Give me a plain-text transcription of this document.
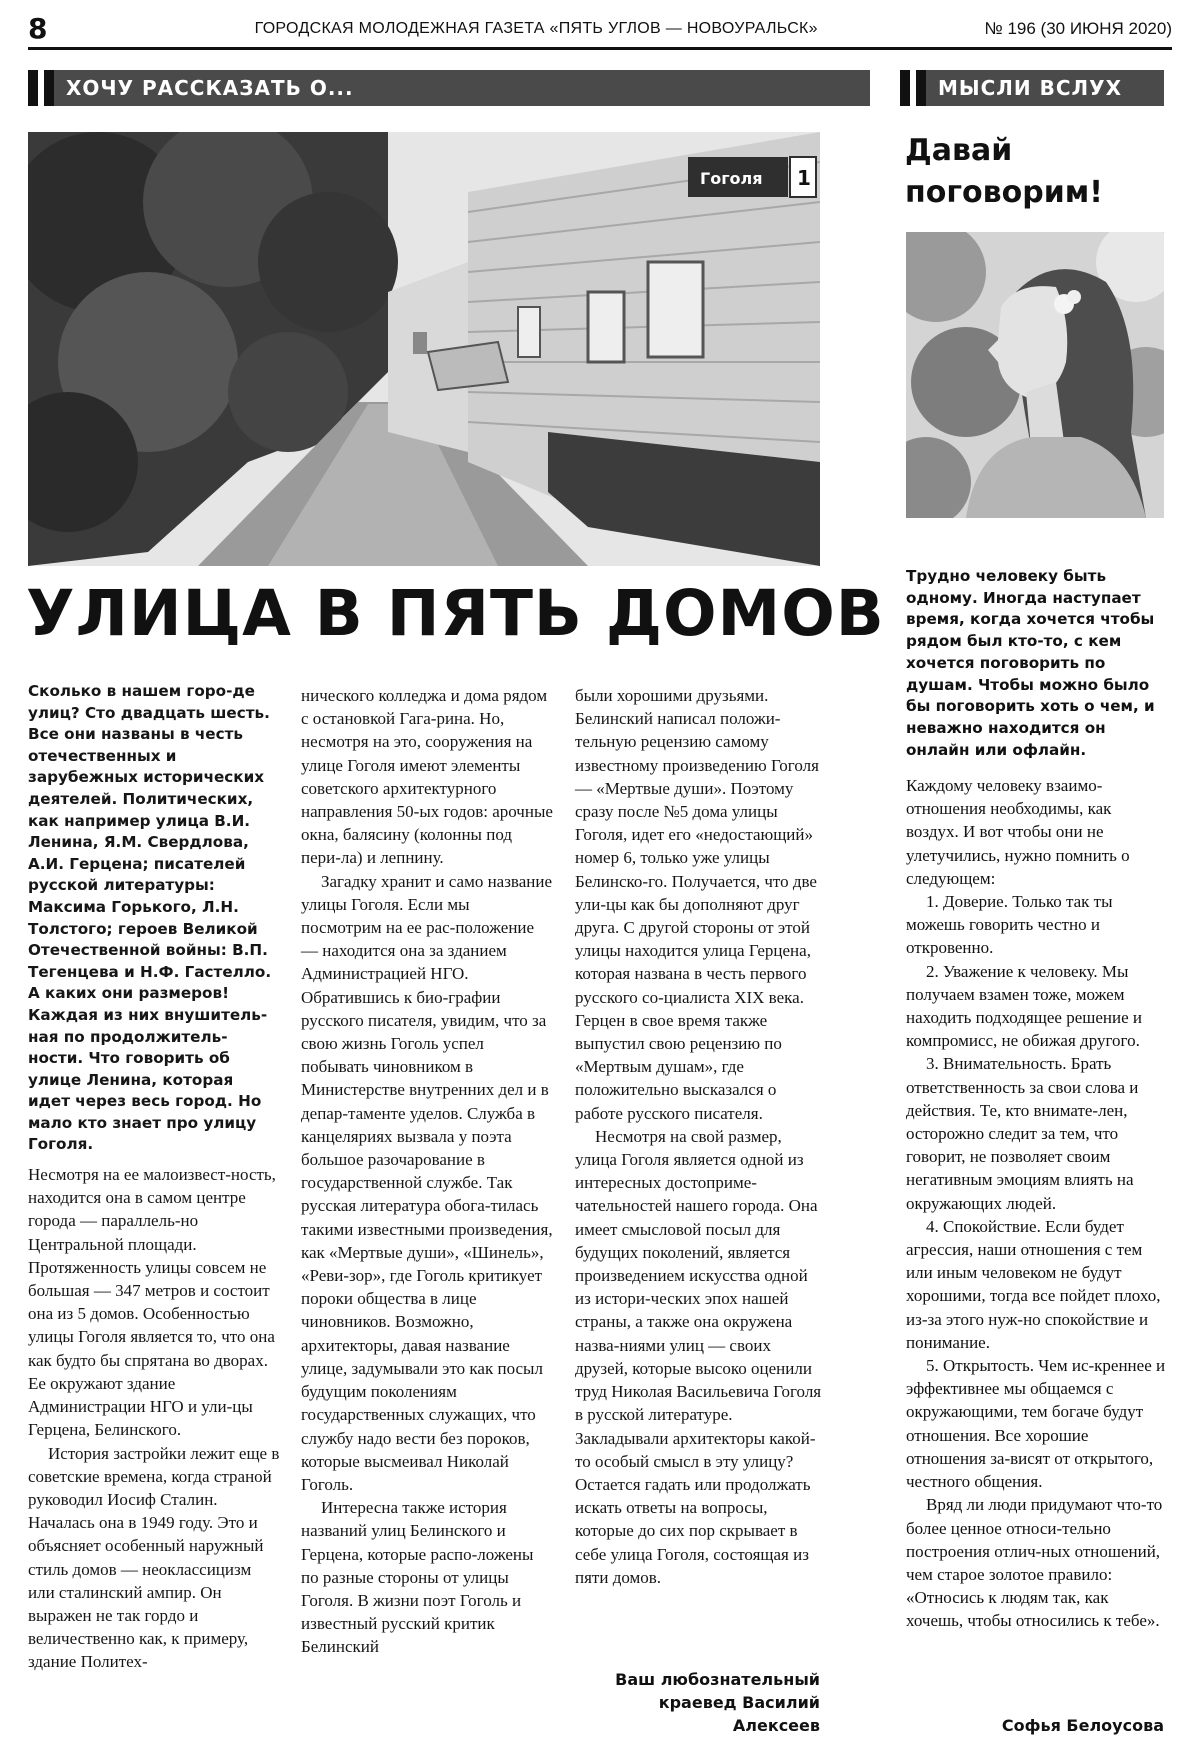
8	ГОРОДСКАЯ МОЛОДЕЖНАЯ ГАЗЕТА «ПЯТЬ УГЛОВ — НОВОУРАЛЬСК»	№ 196 (30 ИЮНЯ 2020)
ХОЧУ РАССКАЗАТЬ О...	МЫСЛИ ВСЛУХ
Гоголя 1
УЛИЦА В ПЯТЬ ДОМОВ

Сколько в нашем горо-де улиц? Сто двадцать шесть. Все они названы в честь отечественных и зарубежных исторических деятелей. Политических, как например улица В.И. Ленина, Я.М. Свердлова, А.И. Герцена; писателей русской литературы: Максима Горького, Л.Н. Толстого; героев Великой Отечественной войны: В.П. Тегенцева и Н.Ф. Гастелло. А каких они размеров! Каждая из них внушитель-ная по продолжитель-ности. Что говорить об улице Ленина, которая идет через весь город. Но мало кто знает про улицу Гоголя.

Несмотря на ее малоизвест-ность, находится она в самом центре города — параллель-но Центральной площади. Протяженность улицы совсем не большая — 347 метров и состоит она из 5 домов. Особенностью улицы Гоголя является то, что она как будто бы спрятана во дворах. Ее окружают здание Администрации НГО и ули-цы Герцена, Белинского.

История застройки лежит еще в советские времена, когда страной руководил Иосиф Сталин. Началась она в 1949 году. Это и объясняет особенный наружный стиль домов — неоклассицизм или сталинский ампир. Он выражен не так гордо и величественно как, к примеру, здание Политех-

нического колледжа и дома рядом с остановкой Гага-рина. Но, несмотря на это, сооружения на улице Гоголя имеют элементы советского архитектурного направления 50-ых годов: арочные окна, балясину (колонны под пери-ла) и лепнину.

Загадку хранит и само название улицы Гоголя. Если мы посмотрим на ее рас-положение — находится она за зданием Администрацией НГО. Обратившись к био-графии русского писателя, увидим, что за свою жизнь Гоголь успел побывать чиновником в Министерстве внутренних дел и в депар-таменте уделов. Служба в канцеляриях вызвала у поэта большое разочарование в государственной службе. Так русская литература обога-тилась такими известными произведения, как «Мертвые души», «Шинель», «Реви-зор», где Гоголь критикует пороки общества в лице чиновников. Возможно, архитекторы, давая название улице, задумывали это как посыл будущим поколениям государственных служащих, что службу надо вести без пороков, которые высмеивал Николай Гоголь.

Интересна также история названий улиц Белинского и Герцена, которые распо-ложены по разные стороны от улицы Гоголя. В жизни поэт Гоголь и известный русский критик Белинский

были хорошими друзьями. Белинский написал положи-тельную рецензию самому известному произведению Гоголя — «Мертвые души». Поэтому сразу после №5 дома улицы Гоголя, идет его «недостающий» номер 6, только уже улицы Белинско-го. Получается, что две ули-цы как бы дополняют друг друга. С другой стороны от этой улицы находится улица Герцена, которая названа в честь первого русского со-циалиста XIX века. Герцен в свое время также выпустил свою рецензию по «Мертвым душам», где положительно высказался о работе русского писателя.

Несмотря на свой размер, улица Гоголя является одной из интересных достоприме-чательностей нашего города. Она имеет смысловой посыл для будущих поколений, является произведением искусства одной из истори-ческих эпох нашей страны, а также она окружена назва-ниями улиц — своих друзей, которые высоко оценили труд Николая Васильевича Гоголя в русской литературе. Закладывали архитекторы какой-то особый смысл в эту улицу? Остается гадать или продолжать искать ответы на вопросы, которые до сих пор скрывает в себе улица Гоголя, состоящая из пяти домов.

Ваш любознательный
краевед Василий
Алексеев
Давай
поговорим!
Трудно человеку быть одному. Иногда наступает время, когда хочется чтобы рядом был кто-то, с кем хочется поговорить по душам. Чтобы можно было бы поговорить хоть о чем, и неважно находится он онлайн или офлайн.

Каждому человеку взаимо-отношения необходимы, как воздух. И вот чтобы они не улетучились, нужно помнить о следующем:

1. Доверие. Только так ты можешь говорить честно и откровенно.

2. Уважение к человеку. Мы получаем взамен тоже, можем находить подходящее решение и компромисс, не обижая другого.

3. Внимательность. Брать ответственность за свои слова и действия. Те, кто внимате-лен, осторожно следит за тем, что говорит, не позволяет своим негативным эмоциям влиять на окружающих людей.

4. Спокойствие. Если будет агрессия, наши отношения с тем или иным человеком не будут хорошими, тогда все пойдет плохо, из-за этого нуж-но спокойствие и понимание.

5. Открытость. Чем ис-креннее и эффективнее мы общаемся с окружающими, тем богаче будут отношения. Все хорошие отношения за-висят от открытого, честного общения.

Вряд ли люди придумают что-то более ценное относи-тельно построения отлич-ных отношений, чем старое золотое правило: «Относись к людям так, как хочешь, чтобы относились к тебе».

Софья Белоусова
